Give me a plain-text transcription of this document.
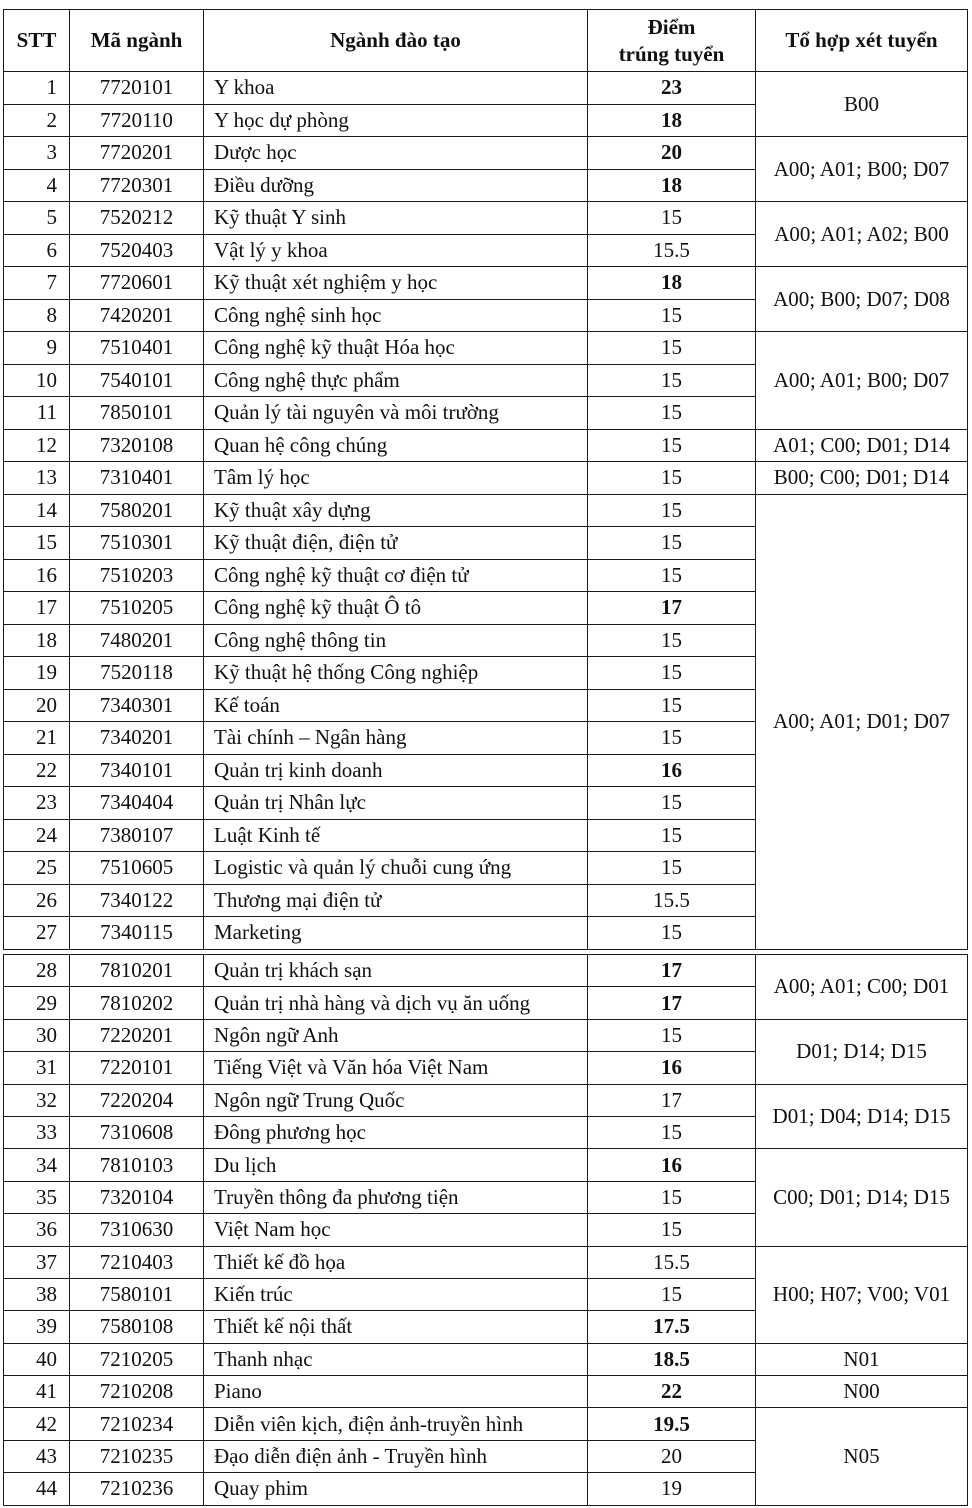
STT	Mã ngành	Ngành đào tạo	Điểm
trúng tuyển	Tổ hợp xét tuyển
1	7720101	Y khoa	23	B00
2	7720110	Y học dự phòng	18	
3	7720201	Dược học	20	A00; A01; B00; D07
4	7720301	Điều dưỡng	18	
5	7520212	Kỹ thuật Y sinh	15	A00; A01; A02; B00
6	7520403	Vật lý y khoa	15.5	
7	7720601	Kỹ thuật xét nghiệm y học	18	A00; B00; D07; D08
8	7420201	Công nghệ sinh học	15	
9	7510401	Công nghệ kỹ thuật Hóa học	15	A00; A01; B00; D07
10	7540101	Công nghệ thực phẩm	15	
11	7850101	Quản lý tài nguyên và môi trường	15	
12	7320108	Quan hệ công chúng	15	A01; C00; D01; D14
13	7310401	Tâm lý học	15	B00; C00; D01; D14
14	7580201	Kỹ thuật xây dựng	15	A00; A01; D01; D07
15	7510301	Kỹ thuật điện, điện tử	15	
16	7510203	Công nghệ kỹ thuật cơ điện tử	15	
17	7510205	Công nghệ kỹ thuật Ô tô	17	
18	7480201	Công nghệ thông tin	15	
19	7520118	Kỹ thuật hệ thống Công nghiệp	15	
20	7340301	Kế toán	15	
21	7340201	Tài chính – Ngân hàng	15	
22	7340101	Quản trị kinh doanh	16	
23	7340404	Quản trị Nhân lực	15	
24	7380107	Luật Kinh tế	15	
25	7510605	Logistic và quản lý chuỗi cung ứng	15	
26	7340122	Thương mại điện tử	15.5	
27	7340115	Marketing	15	
28	7810201	Quản trị khách sạn	17	A00; A01; C00; D01
29	7810202	Quản trị nhà hàng và dịch vụ ăn uống	17	
30	7220201	Ngôn ngữ Anh	15	D01; D14; D15
31	7220101	Tiếng Việt và Văn hóa Việt Nam	16	
32	7220204	Ngôn ngữ Trung Quốc	17	D01; D04; D14; D15
33	7310608	Đông phương học	15	
34	7810103	Du lịch	16	C00; D01; D14; D15
35	7320104	Truyền thông đa phương tiện	15	
36	7310630	Việt Nam học	15	
37	7210403	Thiết kế đồ họa	15.5	H00; H07; V00; V01
38	7580101	Kiến trúc	15	
39	7580108	Thiết kế nội thất	17.5	
40	7210205	Thanh nhạc	18.5	N01
41	7210208	Piano	22	N00
42	7210234	Diễn viên kịch, điện ảnh-truyền hình	19.5	N05
43	7210235	Đạo diễn điện ảnh - Truyền hình	20	
44	7210236	Quay phim	19	
